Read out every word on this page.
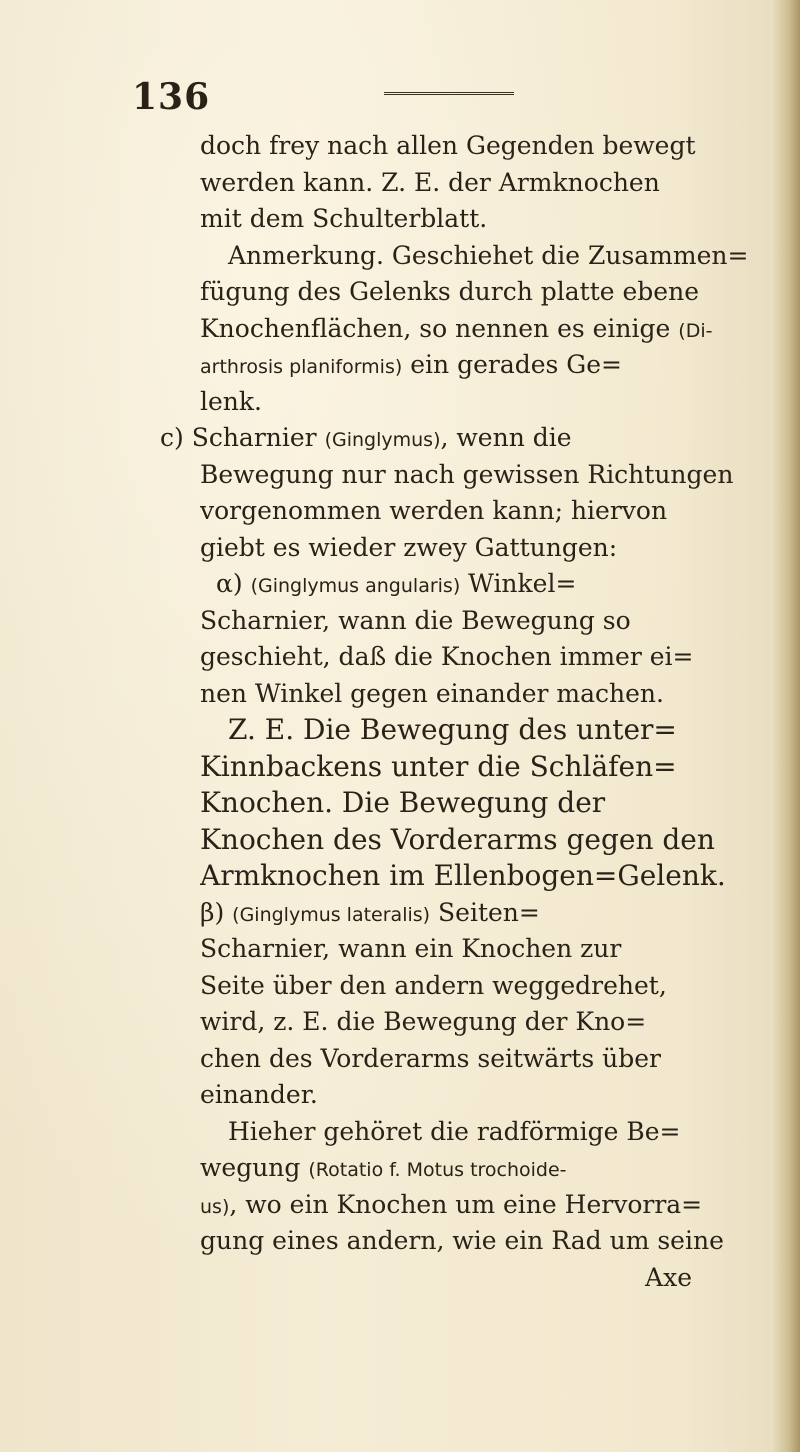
136
doch frey nach allen Gegenden bewegt
werden kann. Z. E. der Armknochen
mit dem Schulterblatt.
Anmerkung. Geschiehet die Zusammen=
fügung des Gelenks durch platte ebene
Knochenflächen, so nennen es einige (Di-
arthrosis planiformis) ein gerades Ge=
lenk.
c) Scharnier (Ginglymus), wenn die
Bewegung nur nach gewissen Richtungen
vorgenommen werden kann; hiervon
giebt es wieder zwey Gattungen:
α) (Ginglymus angularis) Winkel=
Scharnier, wann die Bewegung so
geschieht, daß die Knochen immer ei=
nen Winkel gegen einander machen.
Z. E. Die Bewegung des unter=
Kinnbackens unter die Schläfen=
Knochen. Die Bewegung der
Knochen des Vorderarms gegen den
Armknochen im Ellenbogen=Gelenk.
β) (Ginglymus lateralis) Seiten=
Scharnier, wann ein Knochen zur
Seite über den andern weggedrehet,
wird, z. E. die Bewegung der Kno=
chen des Vorderarms seitwärts über
einander.
Hieher gehöret die radförmige Be=
wegung (Rotatio f. Motus trochoide-
us), wo ein Knochen um eine Hervorra=
gung eines andern, wie ein Rad um seine
Axe
